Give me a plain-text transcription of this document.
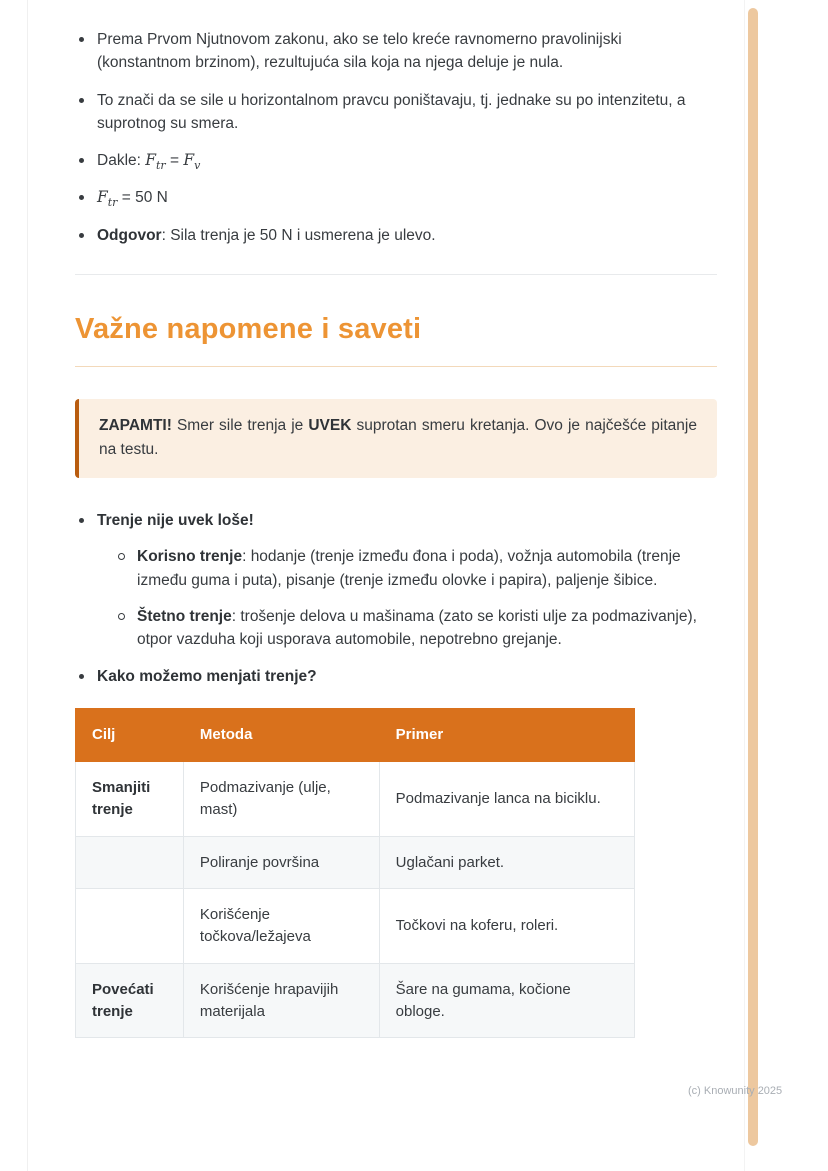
Prema Prvom Njutnovom zakonu, ako se telo kreće ravnomerno pravolinijski (konstantnom brzinom), rezultujuća sila koja na njega deluje je nula.
To znači da se sile u horizontalnom pravcu poništavaju, tj. jednake su po intenzitetu, a suprotnog su smera.
Dakle: $F_{tr} = F_v$
$F_{tr} = 50$ N
Odgovor: Sila trenja je 50 N i usmerena je ulevo.
Važne napomene i saveti
ZAPAMTI! Smer sile trenja je UVEK suprotan smeru kretanja. Ovo je najčešće pitanje na testu.
Trenje nije uvek loše!
Korisno trenje: hodanje (trenje između đona i poda), vožnja automobila (trenje između guma i puta), pisanje (trenje između olovke i papira), paljenje šibice.
Štetno trenje: trošenje delova u mašinama (zato se koristi ulje za podmazivanje), otpor vazduha koji usporava automobile, nepotrebno grejanje.
Kako možemo menjati trenje?
Cilj	Metoda	Primer
Smanjiti trenje	Podmazivanje (ulje, mast)	Podmazivanje lanca na biciklu.
	Poliranje površina	Uglačani parket.
	Korišćenje točkova/ležajeva	Točkovi na koferu, roleri.
Povećati trenje	Korišćenje hrapavijih materijala	Šare na gumama, kočione obloge.
(c) Knowunity 2025
